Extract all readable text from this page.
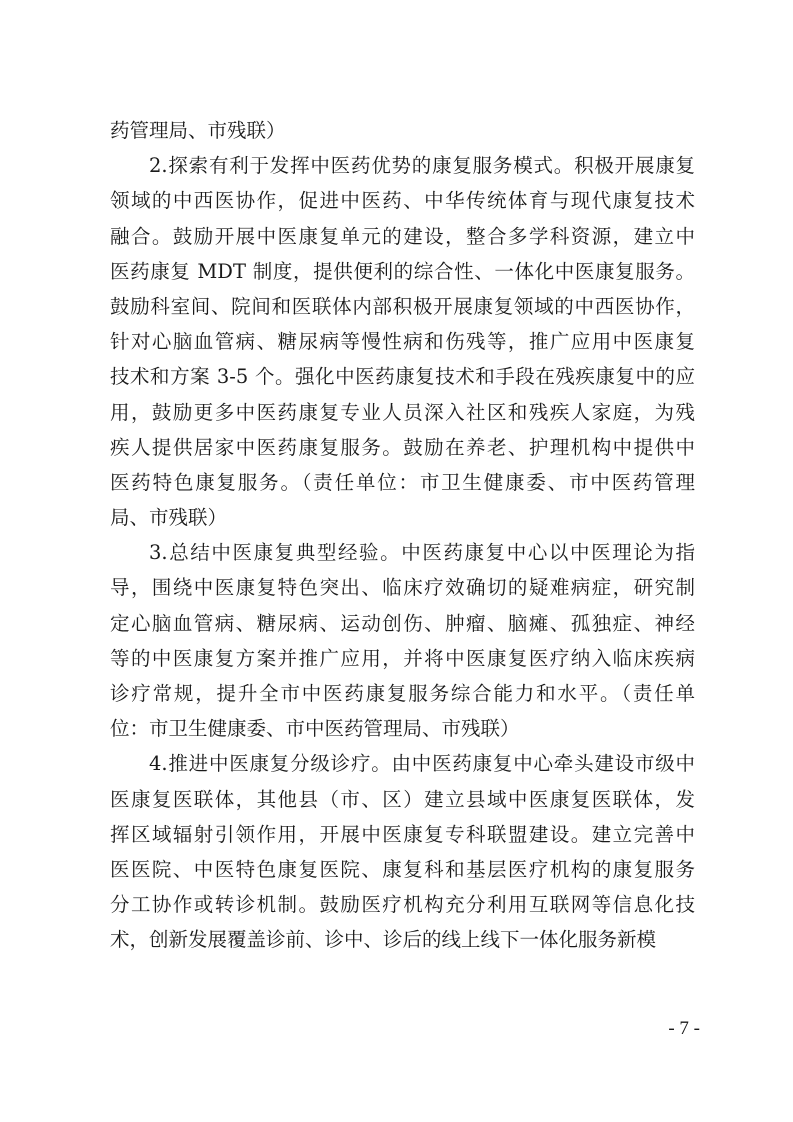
药管理局、市残联）
2.探索有利于发挥中医药优势的康复服务模式。积极开展康复
领域的中西医协作，促进中医药、中华传统体育与现代康复技术
融合。鼓励开展中医康复单元的建设，整合多学科资源，建立中
医药康复 MDT 制度，提供便利的综合性、一体化中医康复服务。
鼓励科室间、院间和医联体内部积极开展康复领域的中西医协作，
针对心脑血管病、糖尿病等慢性病和伤残等，推广应用中医康复
技术和方案 3-5 个。强化中医药康复技术和手段在残疾康复中的应
用，鼓励更多中医药康复专业人员深入社区和残疾人家庭，为残
疾人提供居家中医药康复服务。鼓励在养老、护理机构中提供中
医药特色康复服务。（责任单位：市卫生健康委、市中医药管理
局、市残联）
3.总结中医康复典型经验。中医药康复中心以中医理论为指
导，围绕中医康复特色突出、临床疗效确切的疑难病症，研究制
定心脑血管病、糖尿病、运动创伤、肿瘤、脑瘫、孤独症、神经
等的中医康复方案并推广应用，并将中医康复医疗纳入临床疾病
诊疗常规，提升全市中医药康复服务综合能力和水平。（责任单
位：市卫生健康委、市中医药管理局、市残联）
4.推进中医康复分级诊疗。由中医药康复中心牵头建设市级中
医康复医联体，其他县（市、区）建立县域中医康复医联体，发
挥区域辐射引领作用，开展中医康复专科联盟建设。建立完善中
医医院、中医特色康复医院、康复科和基层医疗机构的康复服务
分工协作或转诊机制。鼓励医疗机构充分利用互联网等信息化技
术，创新发展覆盖诊前、诊中、诊后的线上线下一体化服务新模
- 7 -
